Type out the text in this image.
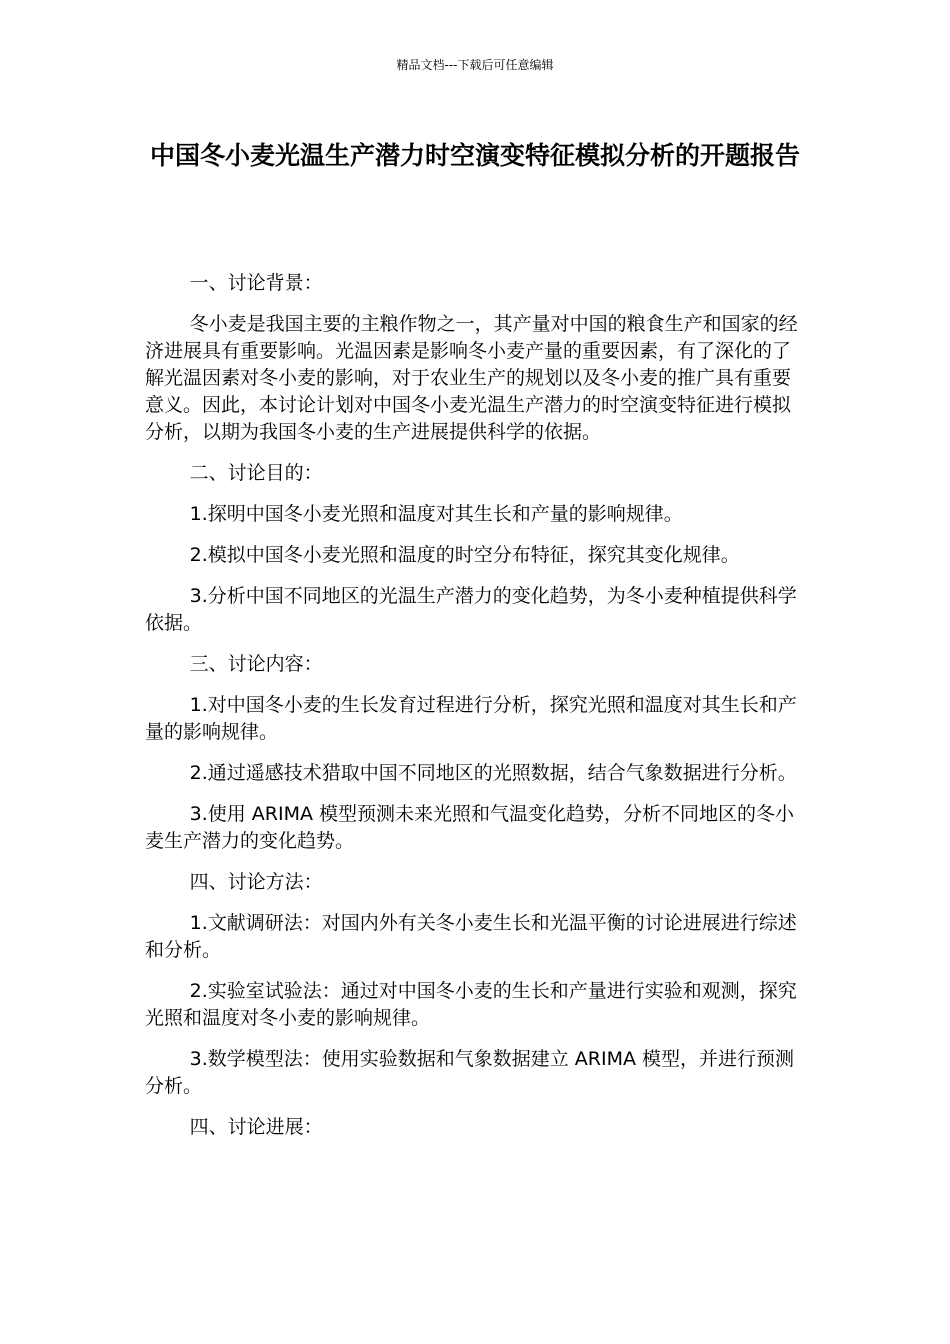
精品文档---下载后可任意编辑
中国冬小麦光温生产潜力时空演变特征模拟分析的开题报告

一、讨论背景：

冬小麦是我国主要的主粮作物之一，其产量对中国的粮食生产和国家的经济进展具有重要影响。光温因素是影响冬小麦产量的重要因素，有了深化的了解光温因素对冬小麦的影响，对于农业生产的规划以及冬小麦的推广具有重要意义。因此，本讨论计划对中国冬小麦光温生产潜力的时空演变特征进行模拟分析，以期为我国冬小麦的生产进展提供科学的依据。

二、讨论目的：

1.探明中国冬小麦光照和温度对其生长和产量的影响规律。

2.模拟中国冬小麦光照和温度的时空分布特征，探究其变化规律。

3.分析中国不同地区的光温生产潜力的变化趋势，为冬小麦种植提供科学依据。

三、讨论内容：

1.对中国冬小麦的生长发育过程进行分析，探究光照和温度对其生长和产量的影响规律。

2.通过遥感技术猎取中国不同地区的光照数据，结合气象数据进行分析。

3.使用 ARIMA 模型预测未来光照和气温变化趋势，分析不同地区的冬小麦生产潜力的变化趋势。

四、讨论方法：

1.文献调研法：对国内外有关冬小麦生长和光温平衡的讨论进展进行综述和分析。

2.实验室试验法：通过对中国冬小麦的生长和产量进行实验和观测，探究光照和温度对冬小麦的影响规律。

3.数学模型法：使用实验数据和气象数据建立 ARIMA 模型，并进行预测分析。

四、讨论进展：
